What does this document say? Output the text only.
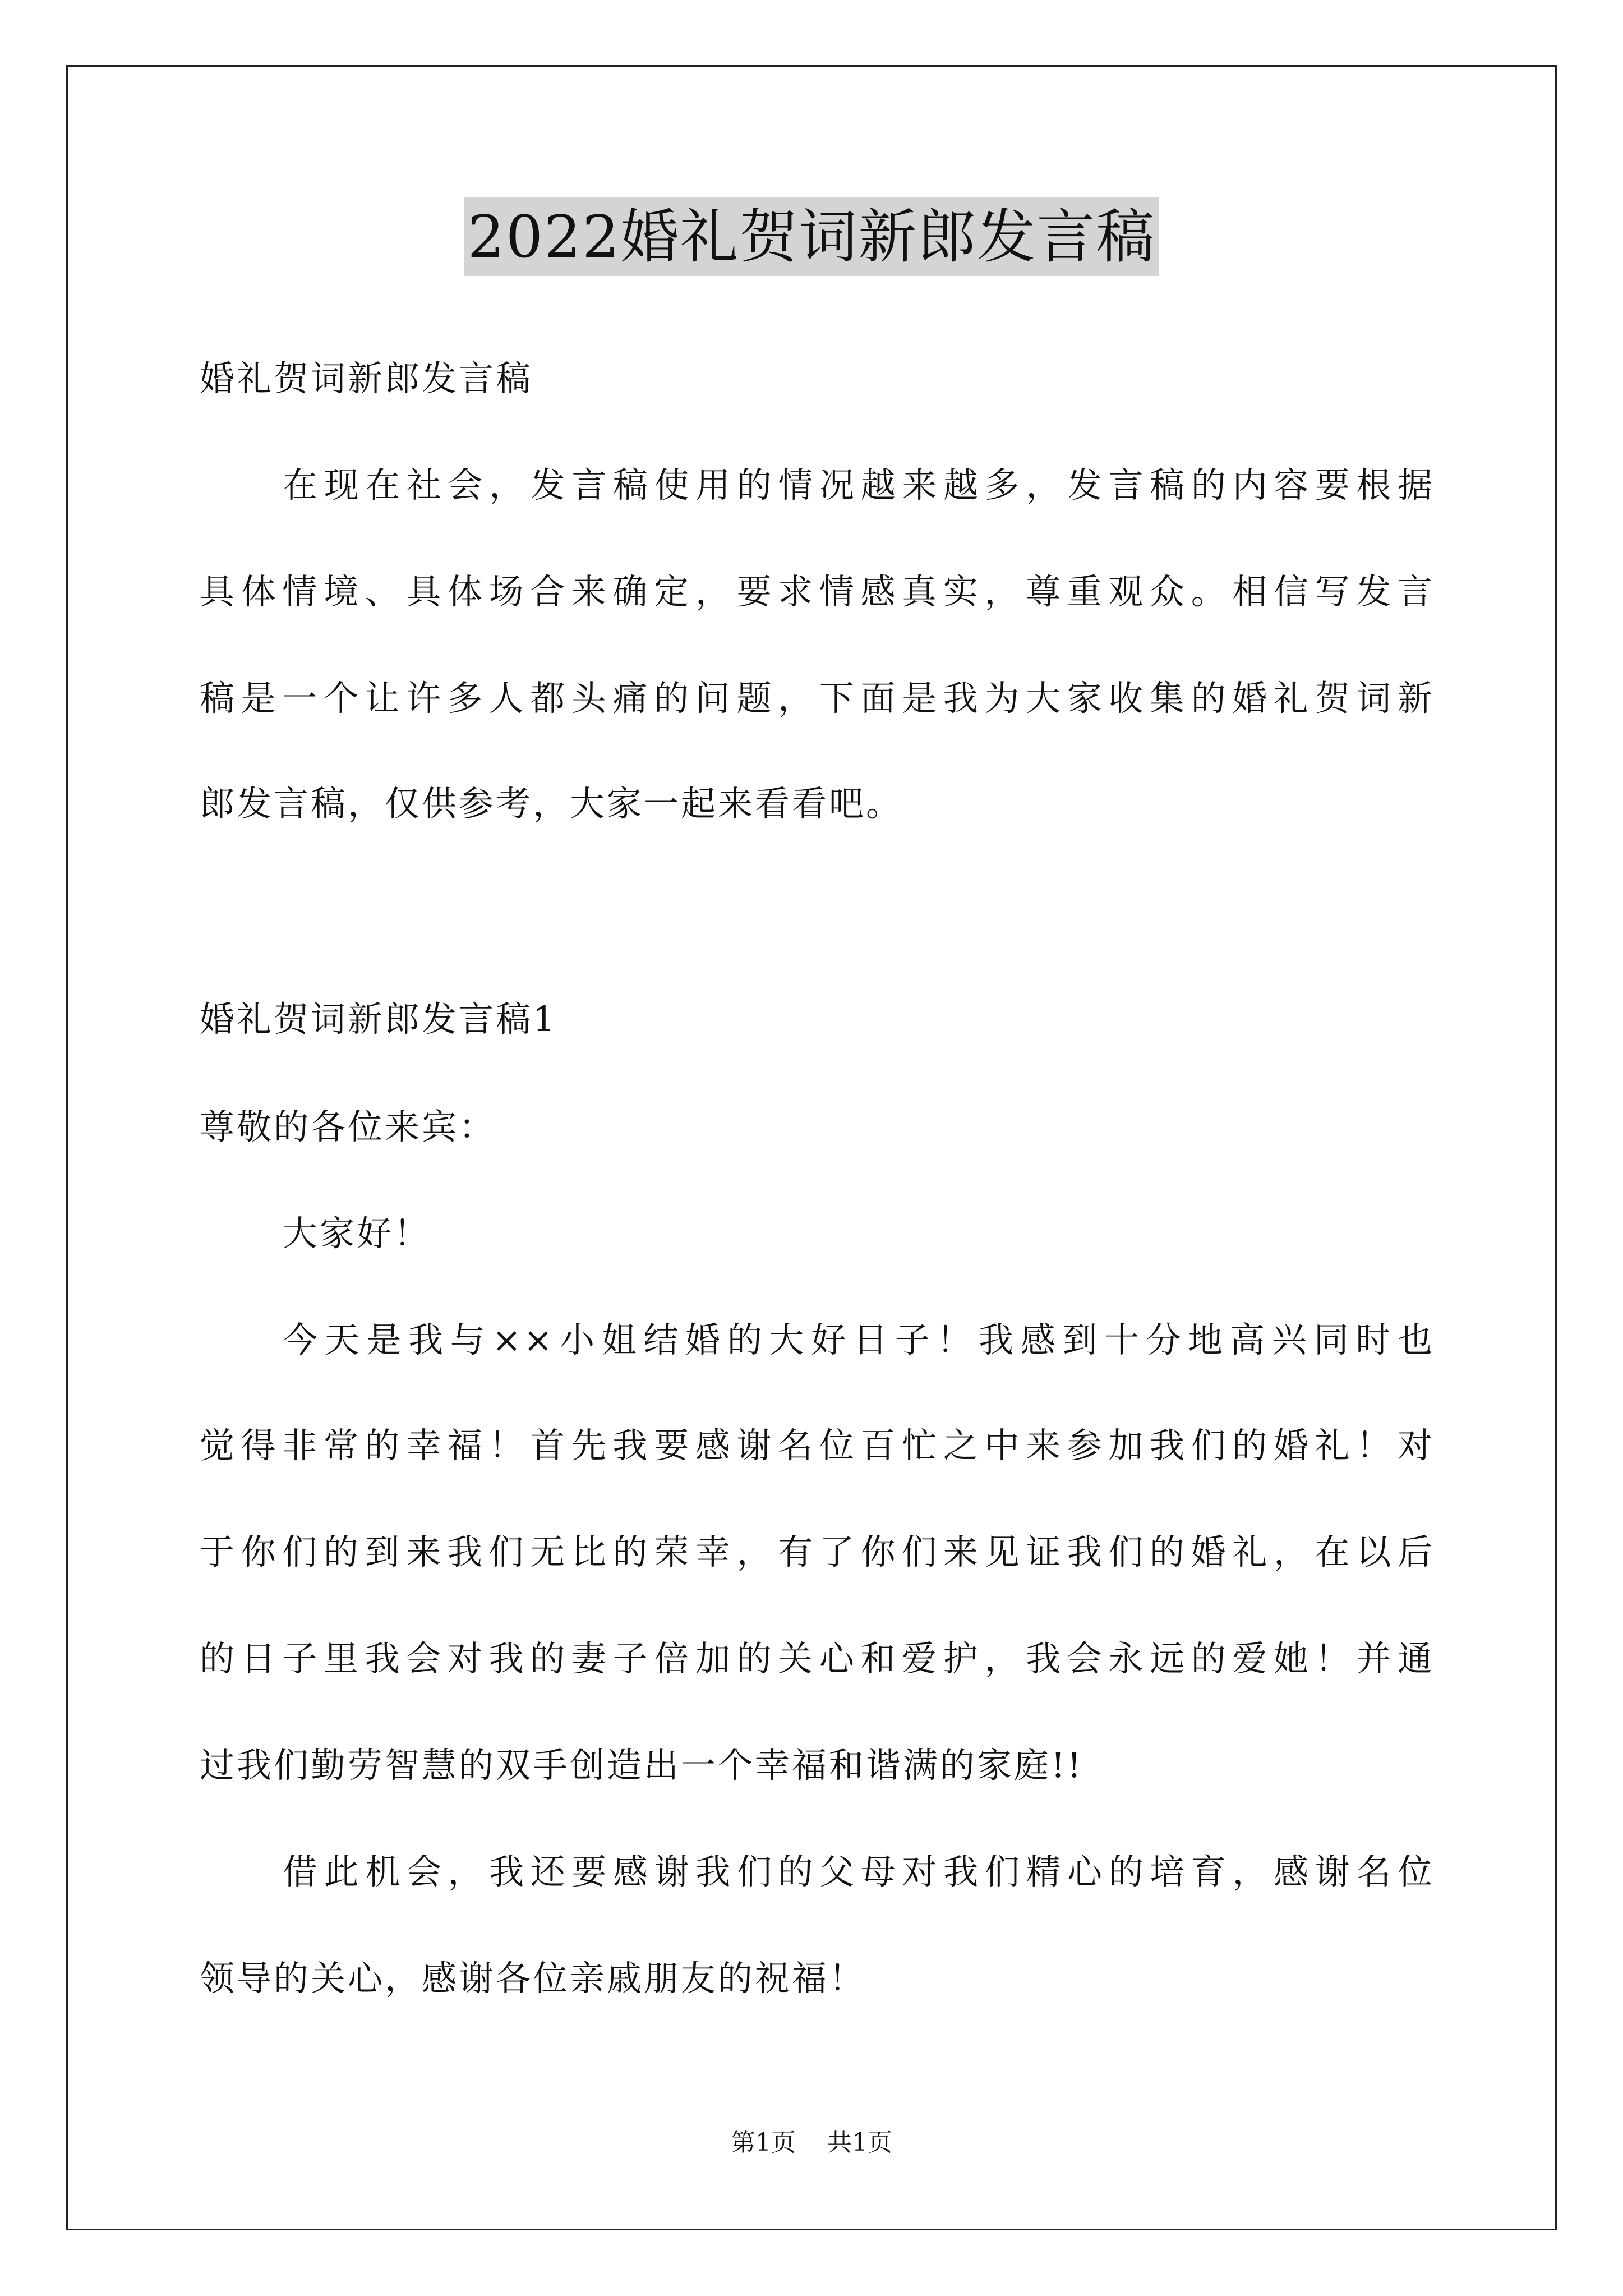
2022婚礼贺词新郎发言稿
婚礼贺词新郎发言稿
在现在社会，发言稿使用的情况越来越多，发言稿的内容要根据
具体情境、具体场合来确定，要求情感真实，尊重观众。相信写发言
稿是一个让许多人都头痛的问题，下面是我为大家收集的婚礼贺词新
郎发言稿，仅供参考，大家一起来看看吧。
婚礼贺词新郎发言稿1
尊敬的各位来宾：
大家好！
今天是我与××小姐结婚的大好日子！我感到十分地高兴同时也
觉得非常的幸福！首先我要感谢名位百忙之中来参加我们的婚礼！对
于你们的到来我们无比的荣幸，有了你们来见证我们的婚礼，在以后
的日子里我会对我的妻子倍加的关心和爱护，我会永远的爱她！并通
过我们勤劳智慧的双手创造出一个幸福和谐满的家庭!!
借此机会，我还要感谢我们的父母对我们精心的培育，感谢名位
领导的关心，感谢各位亲戚朋友的祝福！
第1页 共1页
